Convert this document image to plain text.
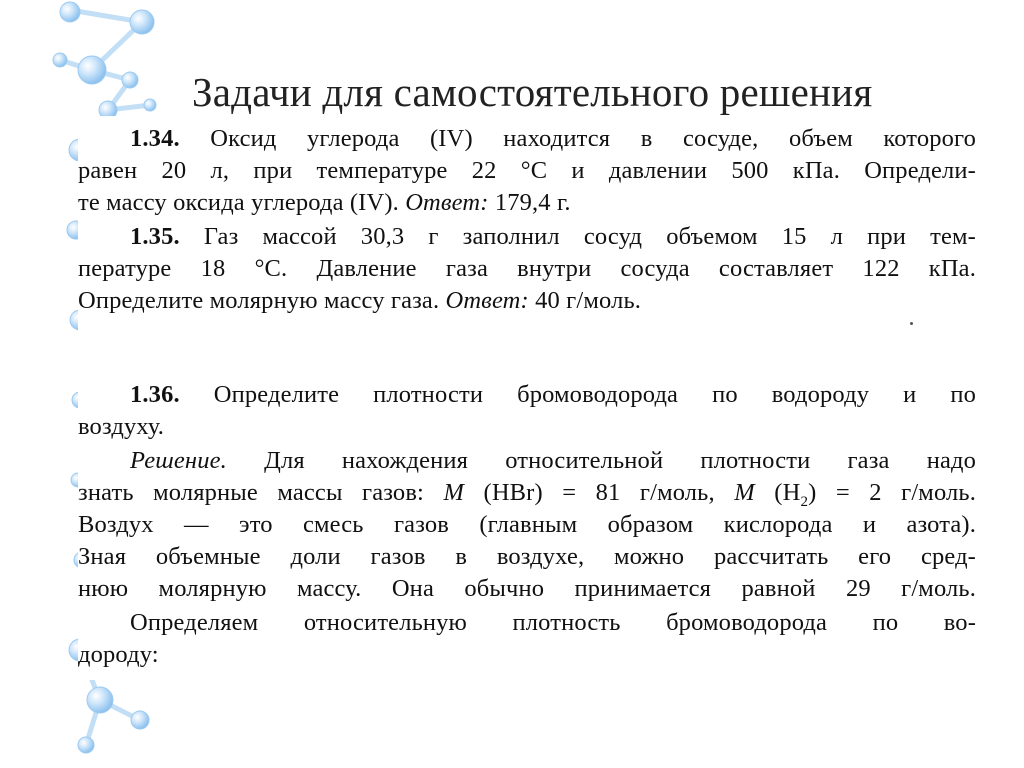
Задачи для самостоятельного решения
1.34. Оксид углерода (IV) находится в сосуде, объем которого
равен 20 л, при температуре 22 °С и давлении 500 кПа. Определи-
те массу оксида углерода (IV). Ответ: 179,4 г.
1.35. Газ массой 30,3 г заполнил сосуд объемом 15 л при тем-
пературе 18 °С. Давление газа внутри сосуда составляет 122 кПа.
Определите молярную массу газа. Ответ: 40 г/моль.
1.36. Определите плотности бромоводорода по водороду и по
воздуху.
Решение. Для нахождения относительной плотности газа надо
знать молярные массы газов: M (HBr) = 81 г/моль, M $(H_2) = 2$ г/моль.
Воздух — это смесь газов (главным образом кислорода и азота).
Зная объемные доли газов в воздухе, можно рассчитать его сред-
нюю молярную массу. Она обычно принимается равной 29 г/моль.
Определяем относительную плотность бромоводорода по во-
дороду:
